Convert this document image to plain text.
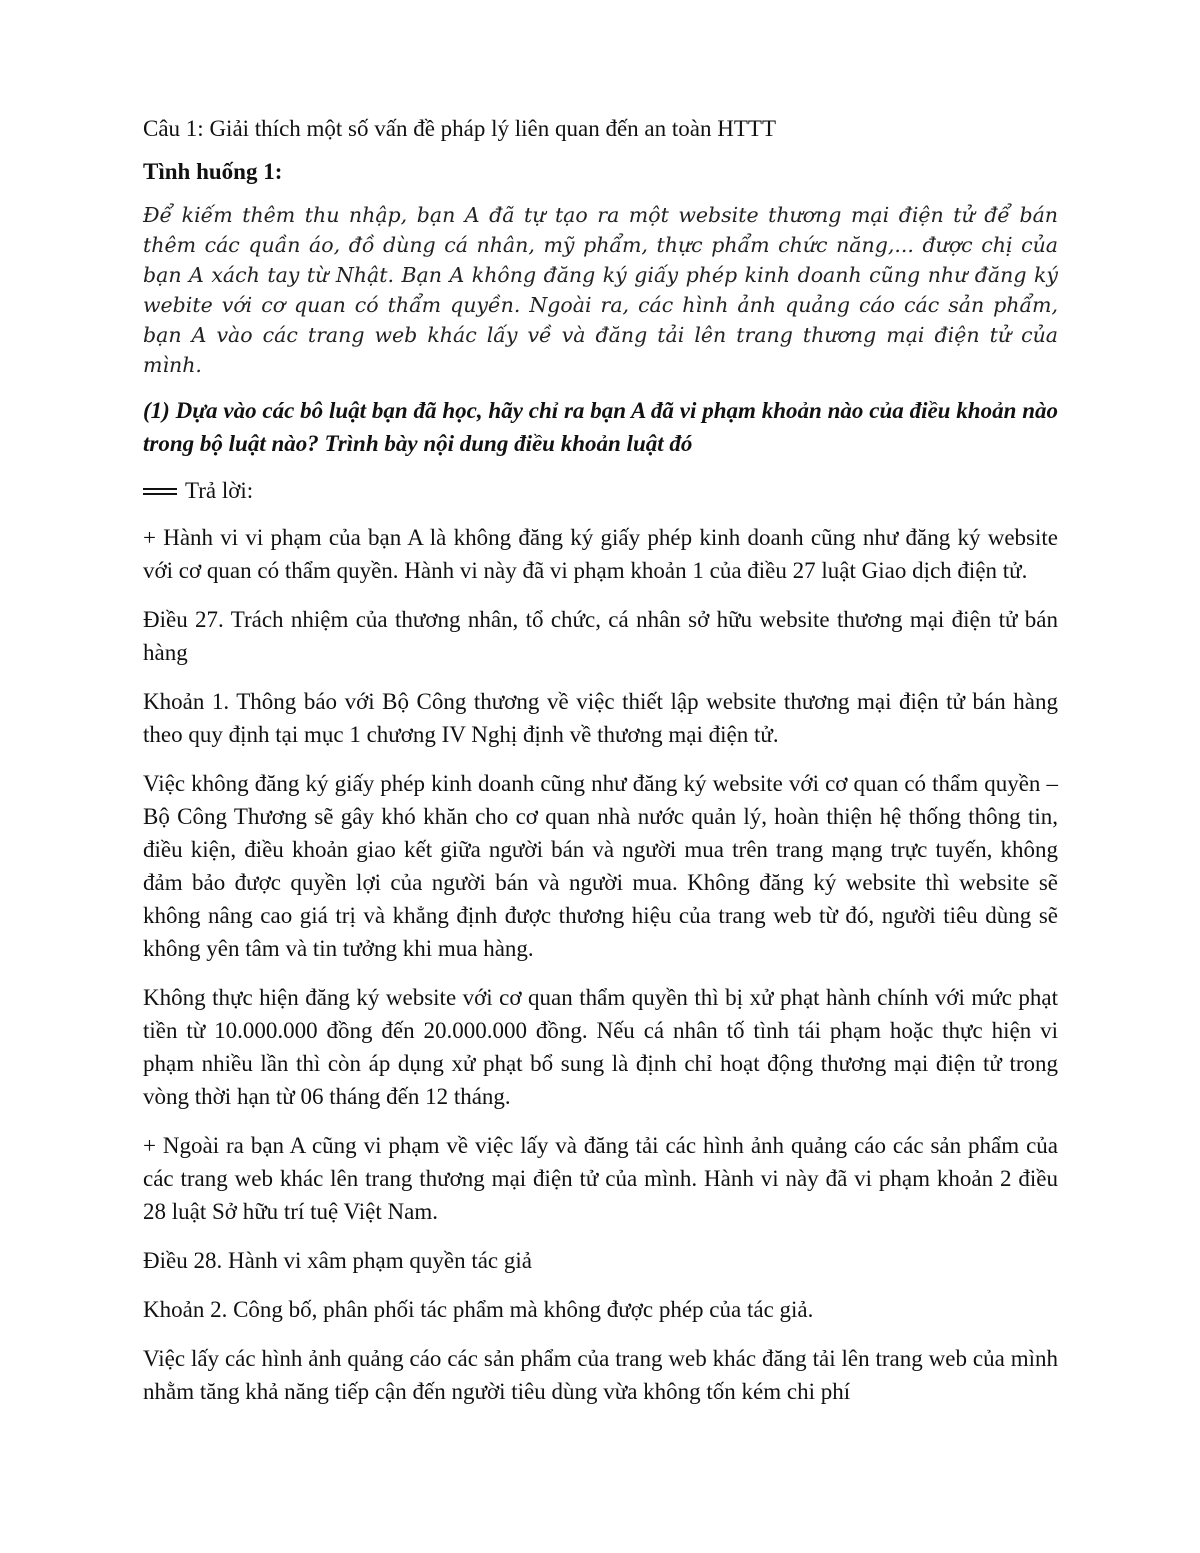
Câu 1: Giải thích một số vấn đề pháp lý liên quan đến an toàn HTTT

Tình huống 1:

Để kiếm thêm thu nhập, bạn A đã tự tạo ra một website thương mại điện tử để bán thêm các quần áo, đồ dùng cá nhân, mỹ phẩm, thực phẩm chức năng,... được chị của bạn A xách tay từ Nhật. Bạn A không đăng ký giấy phép kinh doanh cũng như đăng ký webite với cơ quan có thẩm quyền. Ngoài ra, các hình ảnh quảng cáo các sản phẩm, bạn A vào các trang web khác lấy về và đăng tải lên trang thương mại điện tử của mình.

(1) Dựa vào các bô luật bạn đã học, hãy chỉ ra bạn A đã vi phạm khoản nào của điều khoản nào trong bộ luật nào? Trình bày nội dung điều khoản luật đó

Trả lời:

+ Hành vi vi phạm của bạn A là không đăng ký giấy phép kinh doanh cũng như đăng ký website với cơ quan có thẩm quyền. Hành vi này đã vi phạm khoản 1 của điều 27 luật Giao dịch điện tử.

Điều 27. Trách nhiệm của thương nhân, tổ chức, cá nhân sở hữu website thương mại điện tử bán hàng

Khoản 1. Thông báo với Bộ Công thương về việc thiết lập website thương mại điện tử bán hàng theo quy định tại mục 1 chương IV Nghị định về thương mại điện tử.

Việc không đăng ký giấy phép kinh doanh cũng như đăng ký website với cơ quan có thẩm quyền – Bộ Công Thương sẽ gây khó khăn cho cơ quan nhà nước quản lý, hoàn thiện hệ thống thông tin, điều kiện, điều khoản giao kết giữa người bán và người mua trên trang mạng trực tuyến, không đảm bảo được quyền lợi của người bán và người mua. Không đăng ký website thì website sẽ không nâng cao giá trị và khẳng định được thương hiệu của trang web từ đó, người tiêu dùng sẽ không yên tâm và tin tưởng khi mua hàng.

Không thực hiện đăng ký website với cơ quan thẩm quyền thì bị xử phạt hành chính với mức phạt tiền từ 10.000.000 đồng đến 20.000.000 đồng. Nếu cá nhân tố tình tái phạm hoặc thực hiện vi phạm nhiều lần thì còn áp dụng xử phạt bổ sung là định chỉ hoạt động thương mại điện tử trong vòng thời hạn từ 06 tháng đến 12 tháng.

+ Ngoài ra bạn A cũng vi phạm về việc lấy và đăng tải các hình ảnh quảng cáo các sản phẩm của các trang web khác lên trang thương mại điện tử của mình. Hành vi này đã vi phạm khoản 2 điều 28 luật Sở hữu trí tuệ Việt Nam.

Điều 28. Hành vi xâm phạm quyền tác giả

Khoản 2. Công bố, phân phối tác phẩm mà không được phép của tác giả.

Việc lấy các hình ảnh quảng cáo các sản phẩm của trang web khác đăng tải lên trang web của mình nhằm tăng khả năng tiếp cận đến người tiêu dùng vừa không tốn kém chi phí
